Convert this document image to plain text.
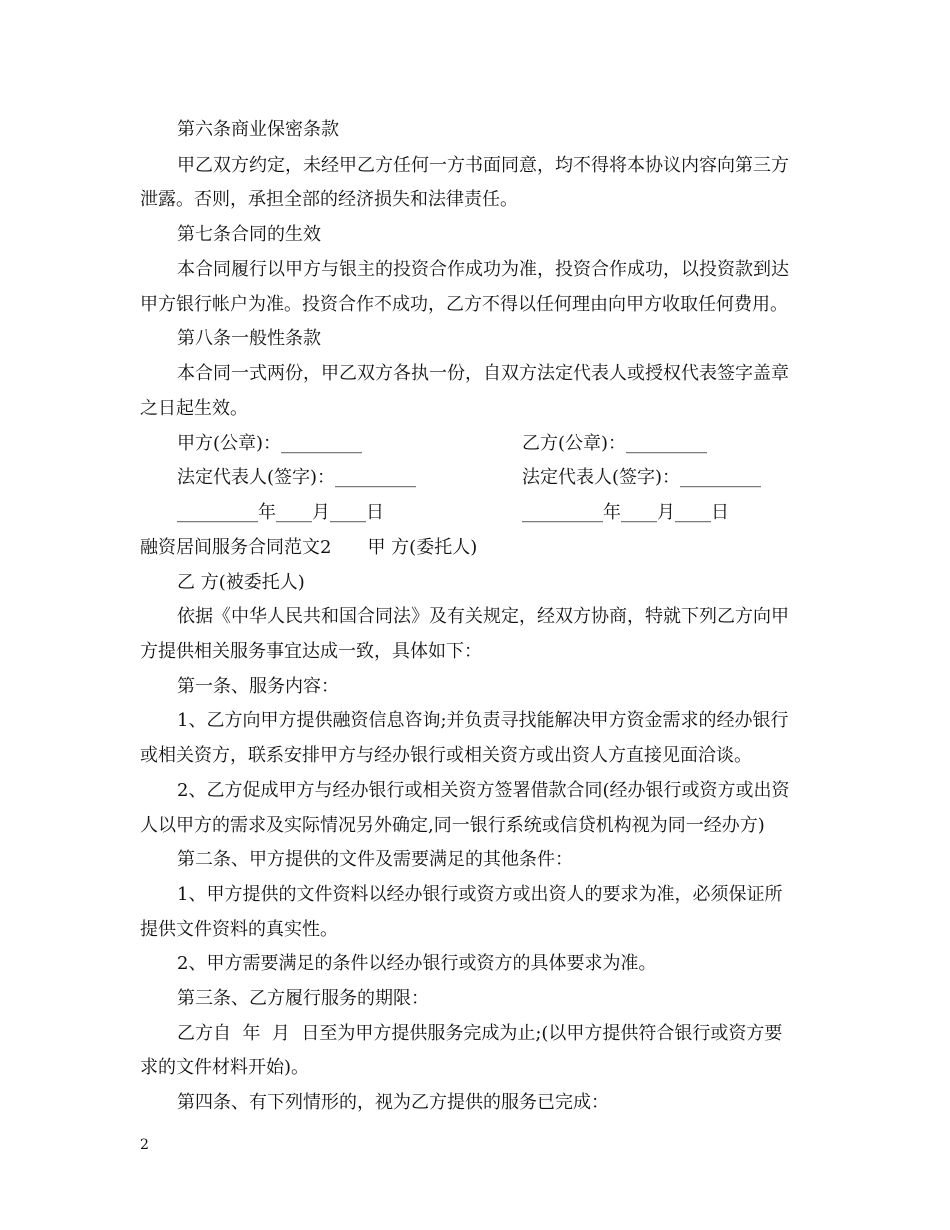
第六条商业保密条款
甲乙双方约定，未经甲乙方任何一方书面同意，均不得将本协议内容向第三方
泄露。否则，承担全部的经济损失和法律责任。
第七条合同的生效
本合同履行以甲方与银主的投资合作成功为准，投资合作成功，以投资款到达
甲方银行帐户为准。投资合作不成功，乙方不得以任何理由向甲方收取任何费用。
第八条一般性条款
本合同一式两份，甲乙双方各执一份，自双方法定代表人或授权代表签字盖章
之日起生效。
甲方(公章)：_________	乙方(公章)：_________
法定代表人(签字)：_________	法定代表人(签字)：_________
_________年____月____日	_________年____月____日
融资居间服务合同范文2　　甲 方(委托人)
乙 方(被委托人)
依据《中华人民共和国合同法》及有关规定，经双方协商，特就下列乙方向甲
方提供相关服务事宜达成一致，具体如下：
第一条、服务内容：
1、乙方向甲方提供融资信息咨询;并负责寻找能解决甲方资金需求的经办银行
或相关资方，联系安排甲方与经办银行或相关资方或出资人方直接见面洽谈。
2、乙方促成甲方与经办银行或相关资方签署借款合同(经办银行或资方或出资
人以甲方的需求及实际情况另外确定,同一银行系统或信贷机构视为同一经办方)
第二条、甲方提供的文件及需要满足的其他条件：
1、甲方提供的文件资料以经办银行或资方或出资人的要求为准，必须保证所
提供文件资料的真实性。
2、甲方需要满足的条件以经办银行或资方的具体要求为准。
第三条、乙方履行服务的期限：
乙方自  年  月  日至为甲方提供服务完成为止;(以甲方提供符合银行或资方要
求的文件材料开始)。
第四条、有下列情形的，视为乙方提供的服务已完成：
2
